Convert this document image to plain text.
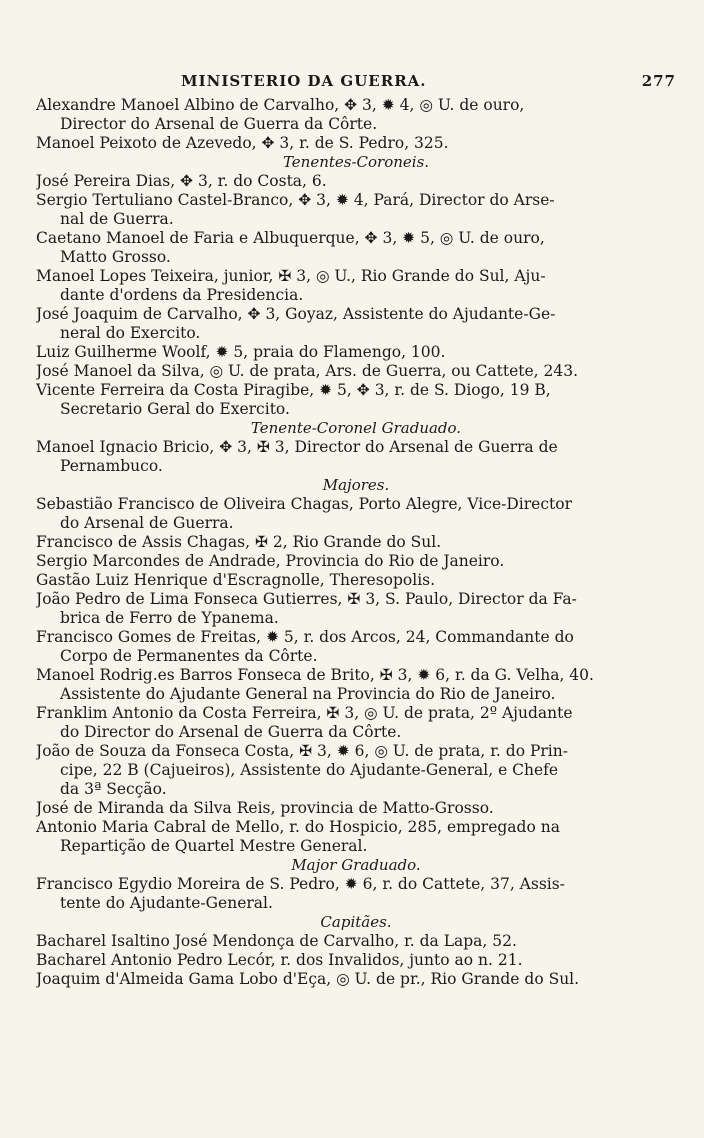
MINISTERIO DA GUERRA.	277
Alexandre Manoel Albino de Carvalho, ✥ 3, ✹ 4, ◎ U. de ouro,
Director do Arsenal de Guerra da Côrte.
Manoel Peixoto de Azevedo, ✥ 3, r. de S. Pedro, 325.
Tenentes-Coroneis.
José Pereira Dias, ✥ 3, r. do Costa, 6.
Sergio Tertuliano Castel-Branco, ✥ 3, ✹ 4, Pará, Director do Arse-
nal de Guerra.
Caetano Manoel de Faria e Albuquerque, ✥ 3, ✹ 5, ◎ U. de ouro,
Matto Grosso.
Manoel Lopes Teixeira, junior, ✠ 3, ◎ U., Rio Grande do Sul, Aju-
dante d'ordens da Presidencia.
José Joaquim de Carvalho, ✥ 3, Goyaz, Assistente do Ajudante-Ge-
neral do Exercito.
Luiz Guilherme Woolf, ✹ 5, praia do Flamengo, 100.
José Manoel da Silva, ◎ U. de prata, Ars. de Guerra, ou Cattete, 243.
Vicente Ferreira da Costa Piragibe, ✹ 5, ✥ 3, r. de S. Diogo, 19 B,
Secretario Geral do Exercito.
Tenente-Coronel Graduado.
Manoel Ignacio Bricio, ✥ 3, ✠ 3, Director do Arsenal de Guerra de
Pernambuco.
Majores.
Sebastião Francisco de Oliveira Chagas, Porto Alegre, Vice-Director
do Arsenal de Guerra.
Francisco de Assis Chagas, ✠ 2, Rio Grande do Sul.
Sergio Marcondes de Andrade, Provincia do Rio de Janeiro.
Gastão Luiz Henrique d'Escragnolle, Theresopolis.
João Pedro de Lima Fonseca Gutierres, ✠ 3, S. Paulo, Director da Fa-
brica de Ferro de Ypanema.
Francisco Gomes de Freitas, ✹ 5, r. dos Arcos, 24, Commandante do
Corpo de Permanentes da Côrte.
Manoel Rodrig.es Barros Fonseca de Brito, ✠ 3, ✹ 6, r. da G. Velha, 40.
Assistente do Ajudante General na Provincia do Rio de Janeiro.
Franklim Antonio da Costa Ferreira, ✠ 3, ◎ U. de prata, 2º Ajudante
do Director do Arsenal de Guerra da Côrte.
João de Souza da Fonseca Costa, ✠ 3, ✹ 6, ◎ U. de prata, r. do Prin-
cipe, 22 B (Cajueiros), Assistente do Ajudante-General, e Chefe
da 3ª Secção.
José de Miranda da Silva Reis, provincia de Matto-Grosso.
Antonio Maria Cabral de Mello, r. do Hospicio, 285, empregado na
Repartição de Quartel Mestre General.
Major Graduado.
Francisco Egydio Moreira de S. Pedro, ✹ 6, r. do Cattete, 37, Assis-
tente do Ajudante-General.
Capitães.
Bacharel Isaltino José Mendonça de Carvalho, r. da Lapa, 52.
Bacharel Antonio Pedro Lecór, r. dos Invalidos, junto ao n. 21.
Joaquim d'Almeida Gama Lobo d'Eça, ◎ U. de pr., Rio Grande do Sul.
